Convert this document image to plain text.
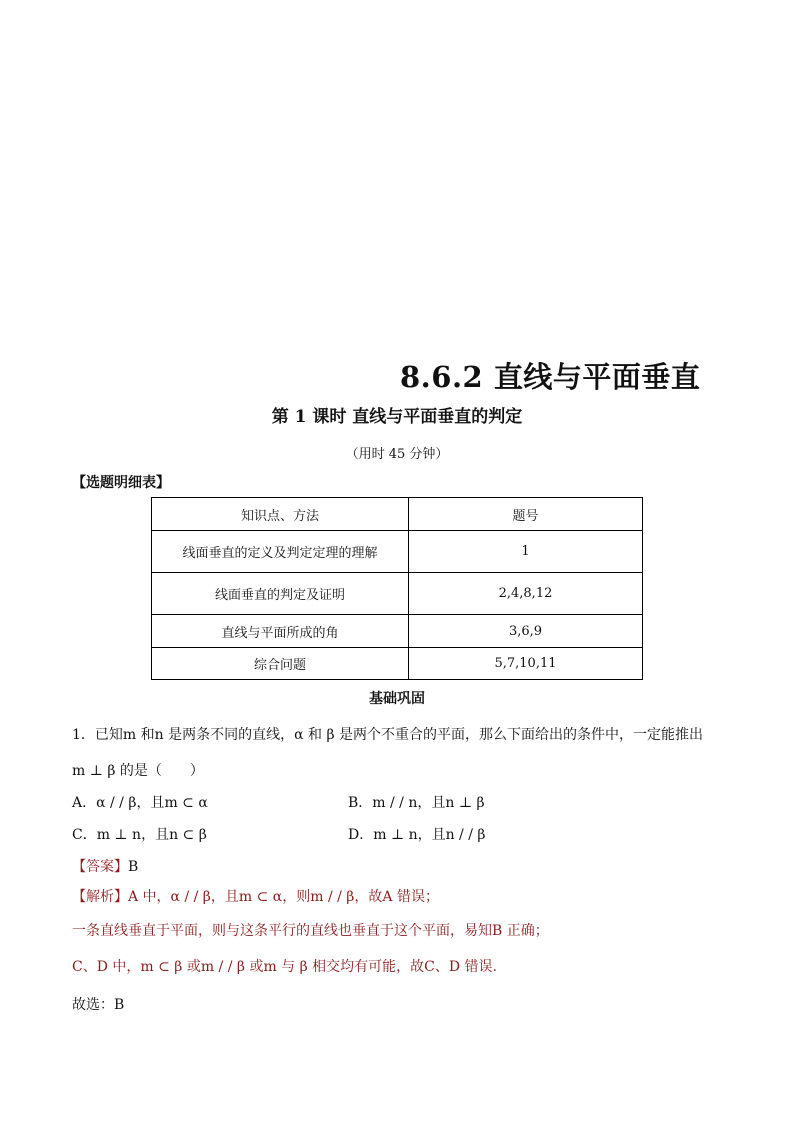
8.6.2 直线与平面垂直
第 1 课时 直线与平面垂直的判定
（用时 45 分钟）
【选题明细表】
知识点、方法	题号
线面垂直的定义及判定定理的理解	1
线面垂直的判定及证明	2,4,8,12
直线与平面所成的角	3,6,9
综合问题	5,7,10,11
基础巩固
1．已知m 和n 是两条不同的直线，α 和 β 是两个不重合的平面，那么下面给出的条件中，一定能推出
m ⊥ β 的是（　　）
A．α / / β，且m ⊂ α	B．m / / n，且n ⊥ β
C．m ⊥ n，且n ⊂ β	D．m ⊥ n，且n / / β
【答案】B
【解析】A 中，α / / β，且m ⊂ α，则m / / β，故A 错误；
一条直线垂直于平面，则与这条平行的直线也垂直于这个平面，易知B 正确；
C、D 中，m ⊂ β 或m / / β 或m 与 β 相交均有可能，故C、D 错误.
故选：B
